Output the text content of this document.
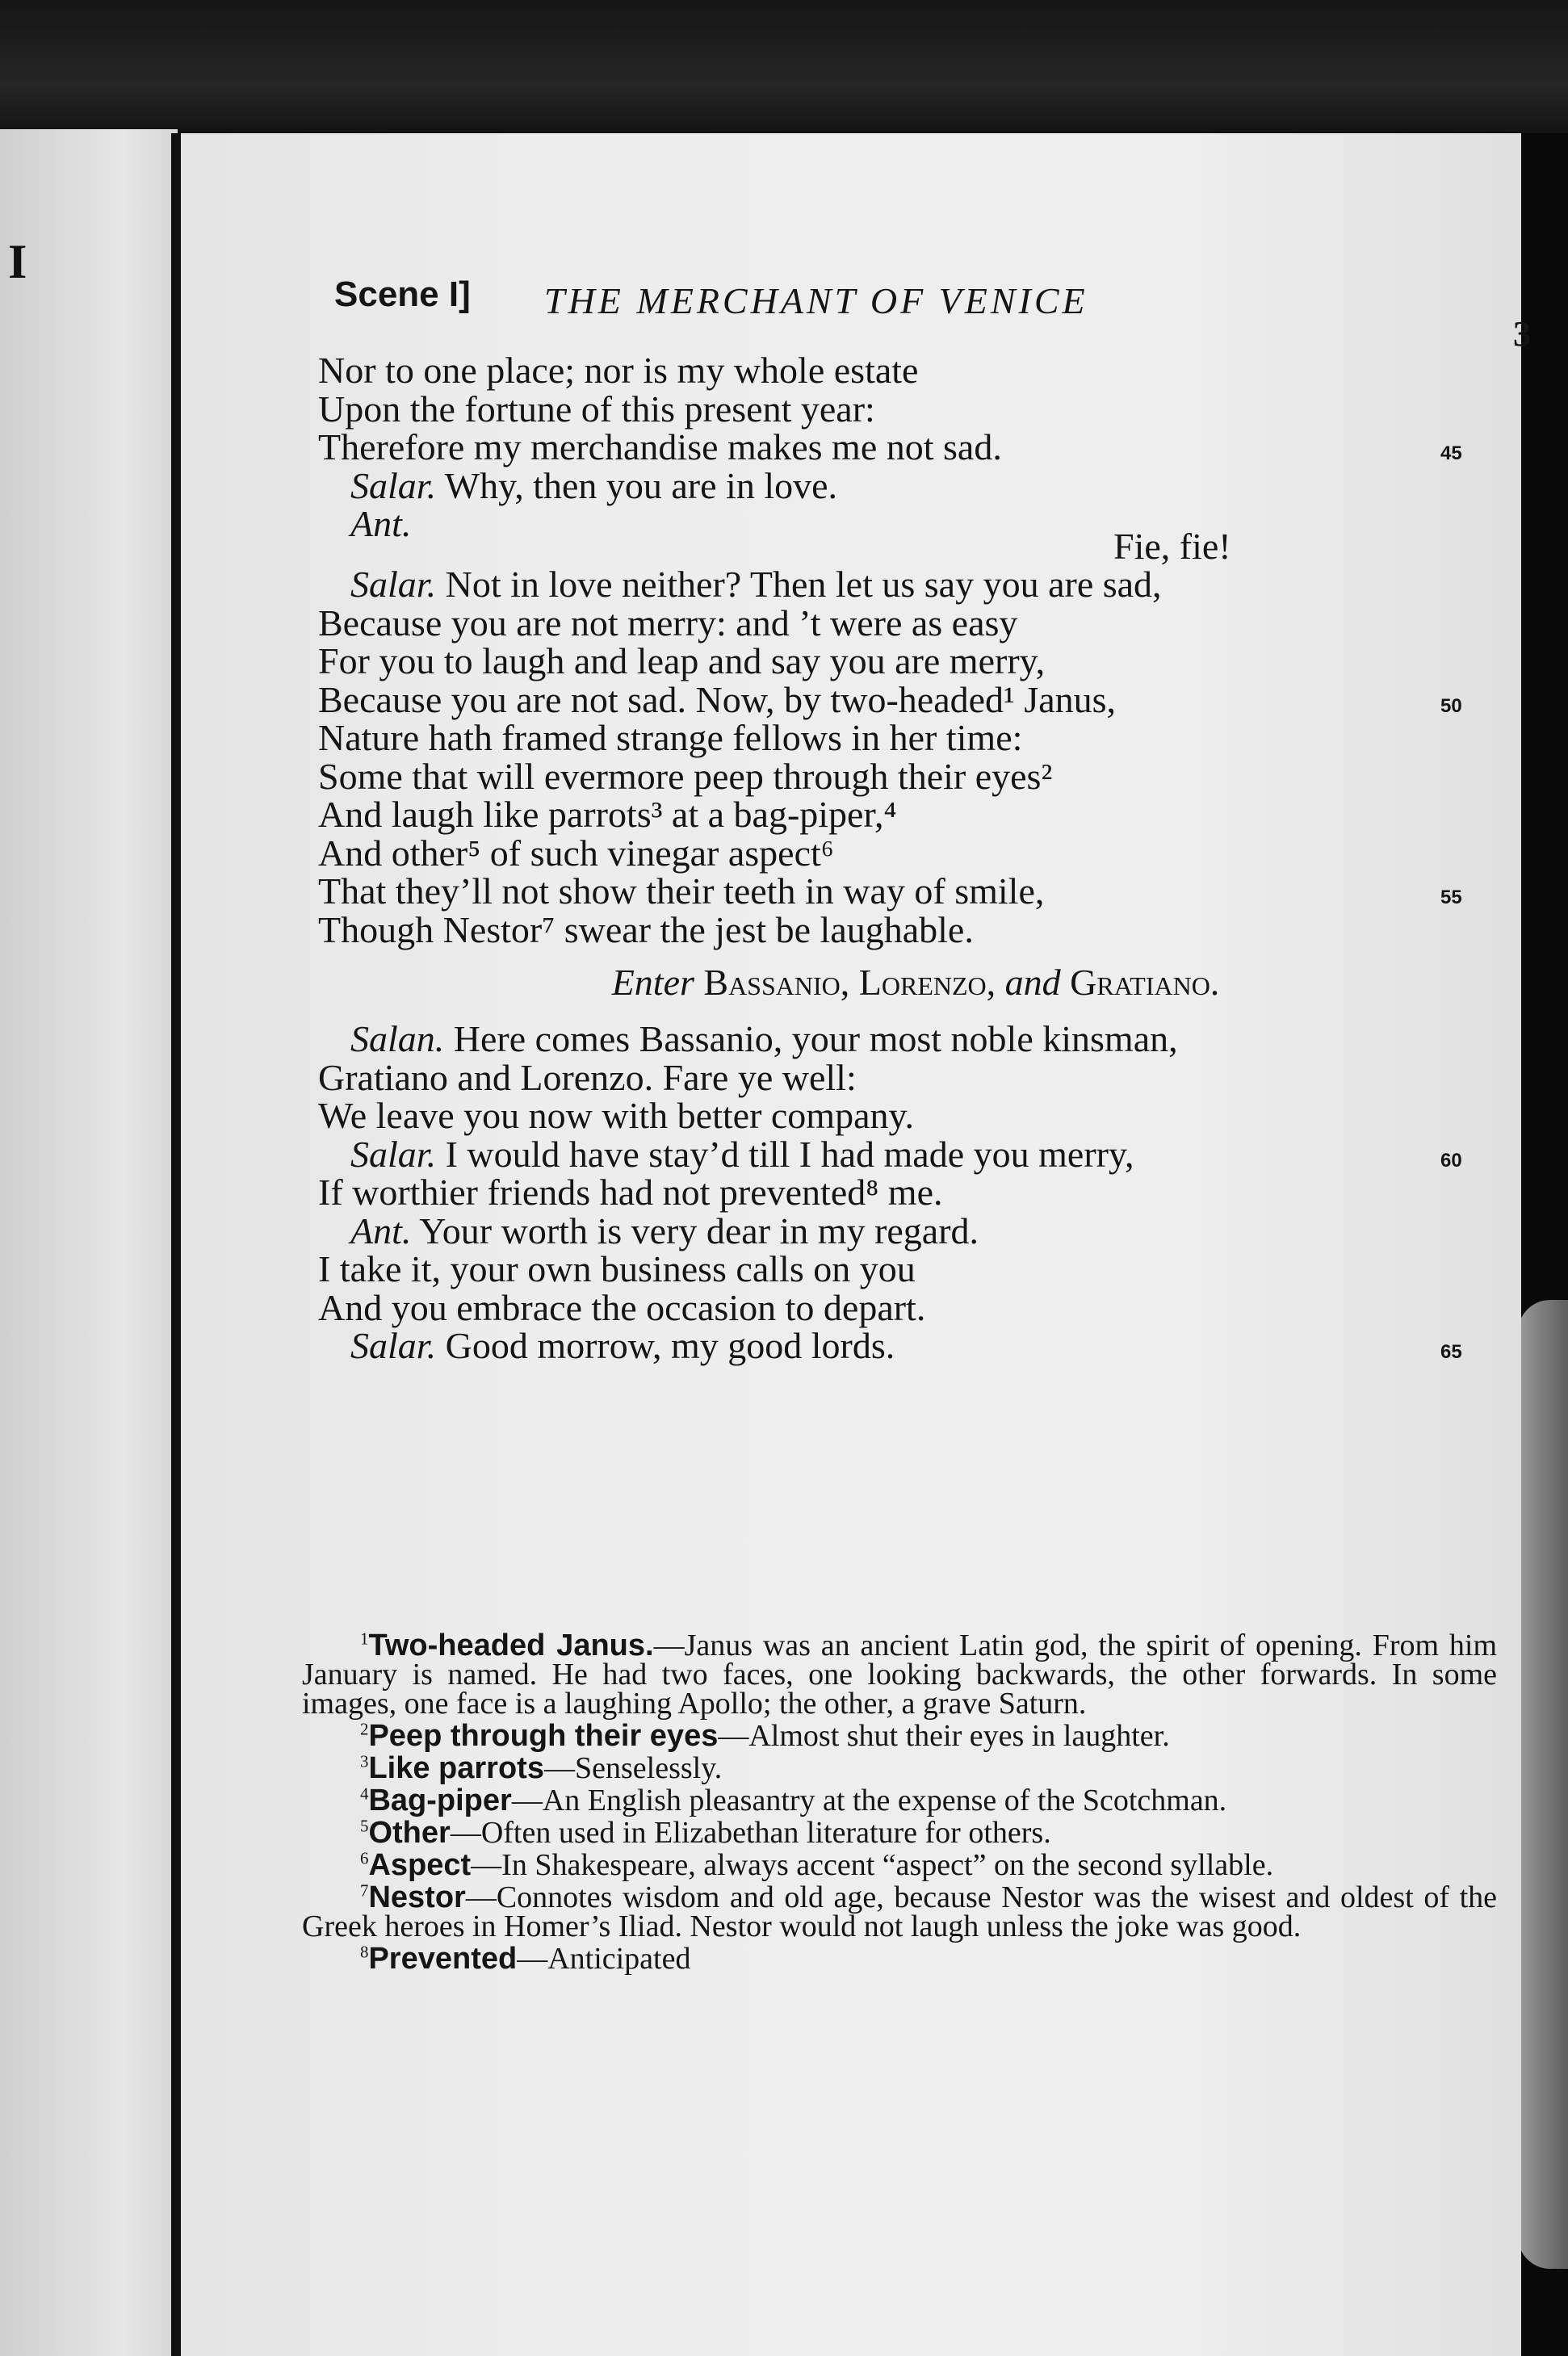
I
Scene I] THE MERCHANT OF VENICE
3
Nor to one place; nor is my whole estate
Upon the fortune of this present year:
Therefore my merchandise makes me not sad.	45
Salar. Why, then you are in love.
Ant.
Fie, fie!
Salar. Not in love neither? Then let us say you are sad,
Because you are not merry: and ’t were as easy
For you to laugh and leap and say you are merry,
Because you are not sad. Now, by two-headed¹ Janus,	50
Nature hath framed strange fellows in her time:
Some that will evermore peep through their eyes²
And laugh like parrots³ at a bag-piper,⁴
And other⁵ of such vinegar aspect⁶
That they’ll not show their teeth in way of smile,	55
Though Nestor⁷ swear the jest be laughable.
Enter Bassanio, Lorenzo, and Gratiano.
Salan. Here comes Bassanio, your most noble kinsman,
Gratiano and Lorenzo. Fare ye well:
We leave you now with better company.
Salar. I would have stay’d till I had made you merry,	60
If worthier friends had not prevented⁸ me.
Ant. Your worth is very dear in my regard.
I take it, your own business calls on you
And you embrace the occasion to depart.
Salar. Good morrow, my good lords.	65

$^1$Two-headed Janus.—Janus was an ancient Latin god, the spirit of opening. From him January is named. He had two faces, one looking backwards, the other forwards. In some images, one face is a laughing Apollo; the other, a grave Saturn.

$^2$Peep through their eyes—Almost shut their eyes in laughter.

$^3$Like parrots—Senselessly.

$^4$Bag-piper—An English pleasantry at the expense of the Scotchman.

$^5$Other—Often used in Elizabethan literature for others.

$^6$Aspect—In Shakespeare, always accent “aspect” on the second syllable.

$^7$Nestor—Connotes wisdom and old age, because Nestor was the wisest and oldest of the Greek heroes in Homer’s Iliad. Nestor would not laugh unless the joke was good.

$^8$Prevented—Anticipated
